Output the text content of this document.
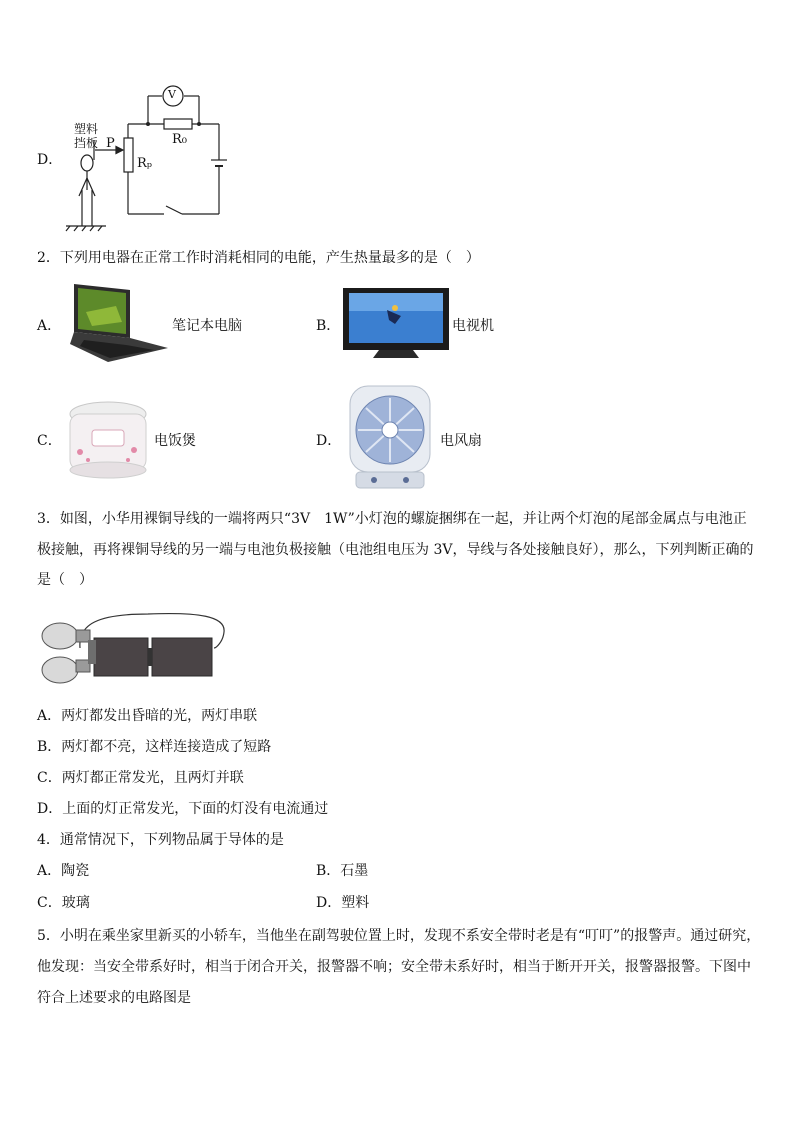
D．
V
R₀
Rₚ
P
塑料
挡板
2．下列用电器在正常工作时消耗相同的电能，产生热量最多的是（　）
A．	笔记本电脑	B．	电视机
C．	电饭煲	D．	电风扇
3．如图，小华用裸铜导线的一端将两只“3V　1W”小灯泡的螺旋捆绑在一起，并让两个灯泡的尾部金属点与电池正
极接触，再将裸铜导线的另一端与电池负极接触（电池组电压为 3V，导线与各处接触良好），那么，下列判断正确的
是（　）
A．两灯都发出昏暗的光，两灯串联
B．两灯都不亮，这样连接造成了短路
C．两灯都正常发光，且两灯并联
D．上面的灯正常发光，下面的灯没有电流通过
4．通常情况下，下列物品属于导体的是
A．陶瓷	B．石墨
C．玻璃	D．塑料
5．小明在乘坐家里新买的小轿车，当他坐在副驾驶位置上时，发现不系安全带时老是有“叮叮”的报警声。通过研究，
他发现：当安全带系好时，相当于闭合开关，报警器不响；安全带未系好时，相当于断开开关，报警器报警。下图中
符合上述要求的电路图是
